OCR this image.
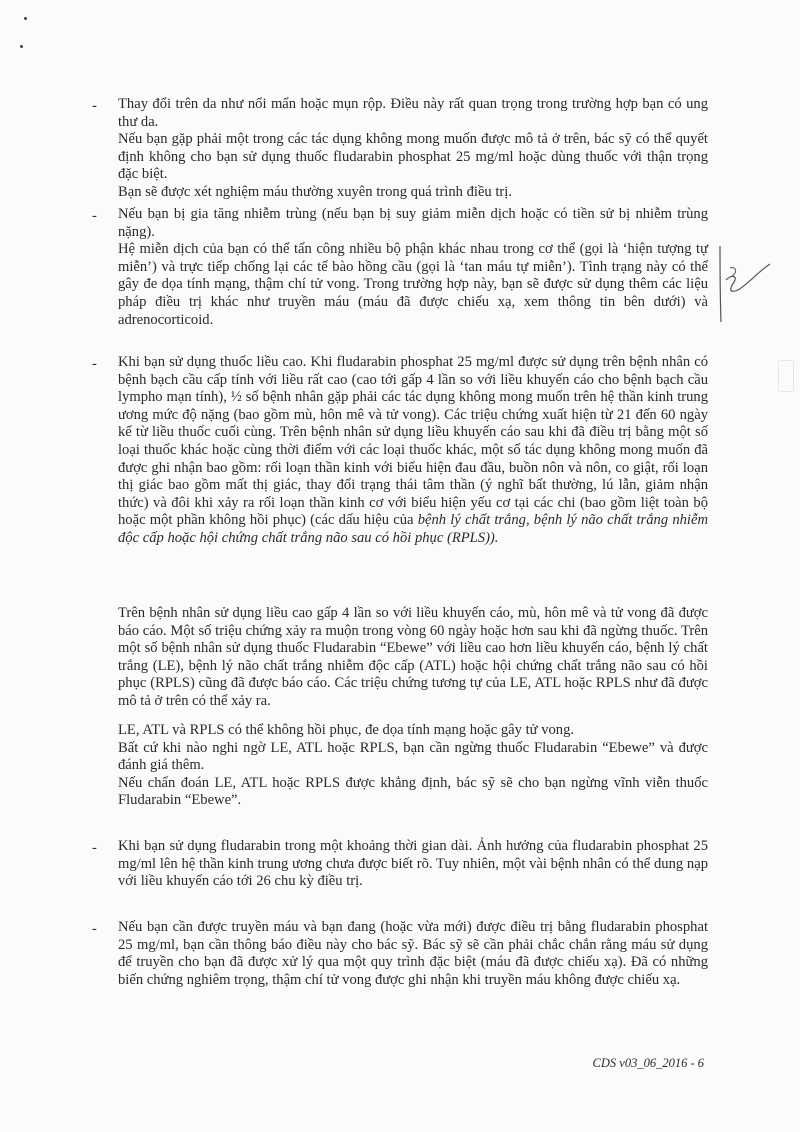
- Thay đổi trên da như nổi mẩn hoặc mụn rộp. Điều này rất quan trọng trong trường hợp bạn có ung thư da.

Nếu bạn gặp phải một trong các tác dụng không mong muốn được mô tả ở trên, bác sỹ có thể quyết định không cho bạn sử dụng thuốc fludarabin phosphat 25 mg/ml hoặc dùng thuốc với thận trọng đặc biệt.

Bạn sẽ được xét nghiệm máu thường xuyên trong quá trình điều trị.

- Nếu bạn bị gia tăng nhiễm trùng (nếu bạn bị suy giảm miễn dịch hoặc có tiền sử bị nhiễm trùng nặng).

Hệ miễn dịch của bạn có thể tấn công nhiều bộ phận khác nhau trong cơ thể (gọi là ‘hiện tượng tự miễn’) và trực tiếp chống lại các tế bào hồng cầu (gọi là ‘tan máu tự miễn’). Tình trạng này có thể gây đe dọa tính mạng, thậm chí tử vong. Trong trường hợp này, bạn sẽ được sử dụng thêm các liệu pháp điều trị khác như truyền máu (máu đã được chiếu xạ, xem thông tin bên dưới) và adrenocorticoid.

- Khi bạn sử dụng thuốc liều cao. Khi fludarabin phosphat 25 mg/ml được sử dụng trên bệnh nhân có bệnh bạch cầu cấp tính với liều rất cao (cao tới gấp 4 lần so với liều khuyến cáo cho bệnh bạch cầu lympho mạn tính), ½ số bệnh nhân gặp phải các tác dụng không mong muốn trên hệ thần kinh trung ương mức độ nặng (bao gồm mù, hôn mê và tử vong). Các triệu chứng xuất hiện từ 21 đến 60 ngày kể từ liều thuốc cuối cùng. Trên bệnh nhân sử dụng liều khuyến cáo sau khi đã điều trị bằng một số loại thuốc khác hoặc cùng thời điểm với các loại thuốc khác, một số tác dụng không mong muốn đã được ghi nhận bao gồm: rối loạn thần kinh với biểu hiện đau đầu, buồn nôn và nôn, co giật, rối loạn thị giác bao gồm mất thị giác, thay đổi trạng thái tâm thần (ý nghĩ bất thường, lú lẫn, giảm nhận thức) và đôi khi xảy ra rối loạn thần kinh cơ với biểu hiện yếu cơ tại các chi (bao gồm liệt toàn bộ hoặc một phần không hồi phục) (các dấu hiệu của bệnh lý chất trắng, bệnh lý não chất trắng nhiễm độc cấp hoặc hội chứng chất trắng não sau có hồi phục (RPLS)).

Trên bệnh nhân sử dụng liều cao gấp 4 lần so với liều khuyến cáo, mù, hôn mê và tử vong đã được báo cáo. Một số triệu chứng xảy ra muộn trong vòng 60 ngày hoặc hơn sau khi đã ngừng thuốc. Trên một số bệnh nhân sử dụng thuốc Fludarabin “Ebewe” với liều cao hơn liều khuyến cáo, bệnh lý chất trắng (LE), bệnh lý não chất trắng nhiễm độc cấp (ATL) hoặc hội chứng chất trắng não sau có hồi phục (RPLS) cũng đã được báo cáo. Các triệu chứng tương tự của LE, ATL hoặc RPLS như đã được mô tả ở trên có thể xảy ra.

LE, ATL và RPLS có thể không hồi phục, đe dọa tính mạng hoặc gây tử vong.

Bất cứ khi nào nghi ngờ LE, ATL hoặc RPLS, bạn cần ngừng thuốc Fludarabin “Ebewe” và được đánh giá thêm.

Nếu chẩn đoán LE, ATL hoặc RPLS được khẳng định, bác sỹ sẽ cho bạn ngừng vĩnh viễn thuốc Fludarabin “Ebewe”.

- Khi bạn sử dụng fludarabin trong một khoảng thời gian dài. Ảnh hưởng của fludarabin phosphat 25 mg/ml lên hệ thần kinh trung ương chưa được biết rõ. Tuy nhiên, một vài bệnh nhân có thể dung nạp với liều khuyến cáo tới 26 chu kỳ điều trị.

- Nếu bạn cần được truyền máu và bạn đang (hoặc vừa mới) được điều trị bằng fludarabin phosphat 25 mg/ml, bạn cần thông báo điều này cho bác sỹ. Bác sỹ sẽ cần phải chắc chắn rằng máu sử dụng để truyền cho bạn đã được xử lý qua một quy trình đặc biệt (máu đã được chiếu xạ). Đã có những biến chứng nghiêm trọng, thậm chí tử vong được ghi nhận khi truyền máu không được chiếu xạ.

CDS v03_06_2016 - 6
